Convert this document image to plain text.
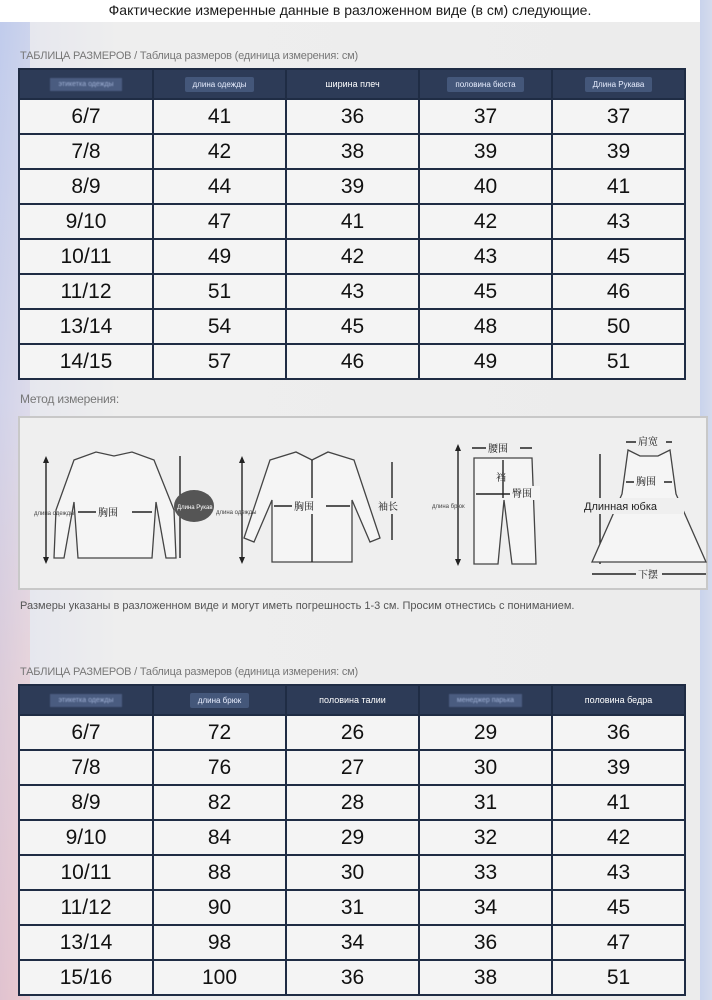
Фактические измеренные данные в разложенном виде (в см) следующие.
ТАБЛИЦА РАЗМЕРОВ / Таблица размеров (единица измерения: см)
этикетка одежды	длина одежды	ширина плеч	половина бюста	Длина Рукава
6/7	41	36	37	37
7/8	42	38	39	39
8/9	44	39	40	41
9/10	47	41	42	43
10/11	49	42	43	45
11/12	51	43	45	46
13/14	54	45	48	50
14/15	57	46	49	51
Метод измерения:
胸围
длина одежды
Длина Рукав	胸围	袖长
длина одежды
腰围
裆
臀围
длина брюк
肩宽
胸围
Длинная юбка
下摆
Размеры указаны в разложенном виде и могут иметь погрешность 1-3 см. Просим отнестись с пониманием.
ТАБЛИЦА РАЗМЕРОВ / Таблица размеров (единица измерения: см)
этикетка одежды	длина брюк	половина талии	менеджер парька	половина бедра
6/7	72	26	29	36
7/8	76	27	30	39
8/9	82	28	31	41
9/10	84	29	32	42
10/11	88	30	33	43
11/12	90	31	34	45
13/14	98	34	36	47
15/16	100	36	38	51
